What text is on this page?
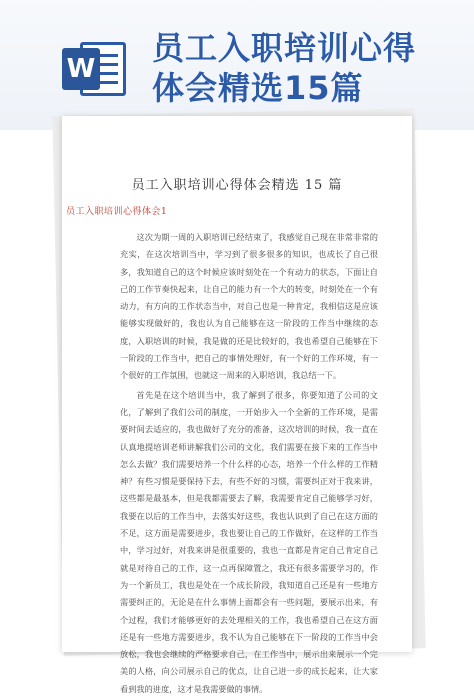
W
员工入职培训心得
体会精选15篇
员工入职培训心得体会精选 15 篇
员工入职培训心得体会1

这次为期一周的入职培训已经结束了，我感觉自己现在非常非常的充实，在这次培训当中，学习到了很多很多的知识，也成长了自己很多，我知道自己的这个时候应该时刻处在一个有动力的状态，下面让自己的工作节奏快起来，让自己的能力有一个大的转变，时刻处在一个有动力，有方向的工作状态当中，对自己也是一种肯定，我相信这是应该能够实现做好的，我也认为自己能够在这一阶段的工作当中继续的态度，入职培训的时候，我是做的还是比较好的，我也希望自己能够在下一阶段的工作当中，把自己的事情处理好，有一个好的工作环境，有一个很好的工作氛围，也就这一周来的入职培训，我总结一下。

首先是在这个培训当中，我了解到了很多，你要知道了公司的文化，了解到了我们公司的制度，一开始步入一个全新的工作环境，是需要时间去适应的，我也做好了充分的准备，这次培训的时候，我一直在认真地提培训老师讲解我们公司的文化，我们需要在接下来的工作当中怎么去做？我们需要培养一个什么样的心态，培养一个什么样的工作精神？有些习惯是要保持下去，有些不好的习惯，需要纠正对于我来讲，这些都是最基本，但是我都需要去了解，我需要肯定自己能够学习好，我要在以后的工作当中，去落实好这些，我也认识到了自己在这方面的不足，这方面是需要进步，我也要让自己的工作做好，在这样的工作当中，学习过好，对我来讲是很重要的，我也一直都是肯定自己肯定自己就是对待自己的工作，这一点再保障置之，我还有很多需要学习的，作为一个新员工，我也是处在一个成长阶段，我知道自己还是有一些地方需要纠正的，无论是在什么事情上面都会有一些问题，要展示出来，有个过程，我们才能够更好的去处理相关的工作，我也希望自己在这方面还是有一些地方需要进步，我不认为自己能够在下一阶段的工作当中会放松，我也会继续的严格要求自己，在工作当中，展示出来展示一个完美的人格，向公司展示自己的优点，让自己进一步的成长起来，让大家看到我的进度，这才是我需要做的事情。
